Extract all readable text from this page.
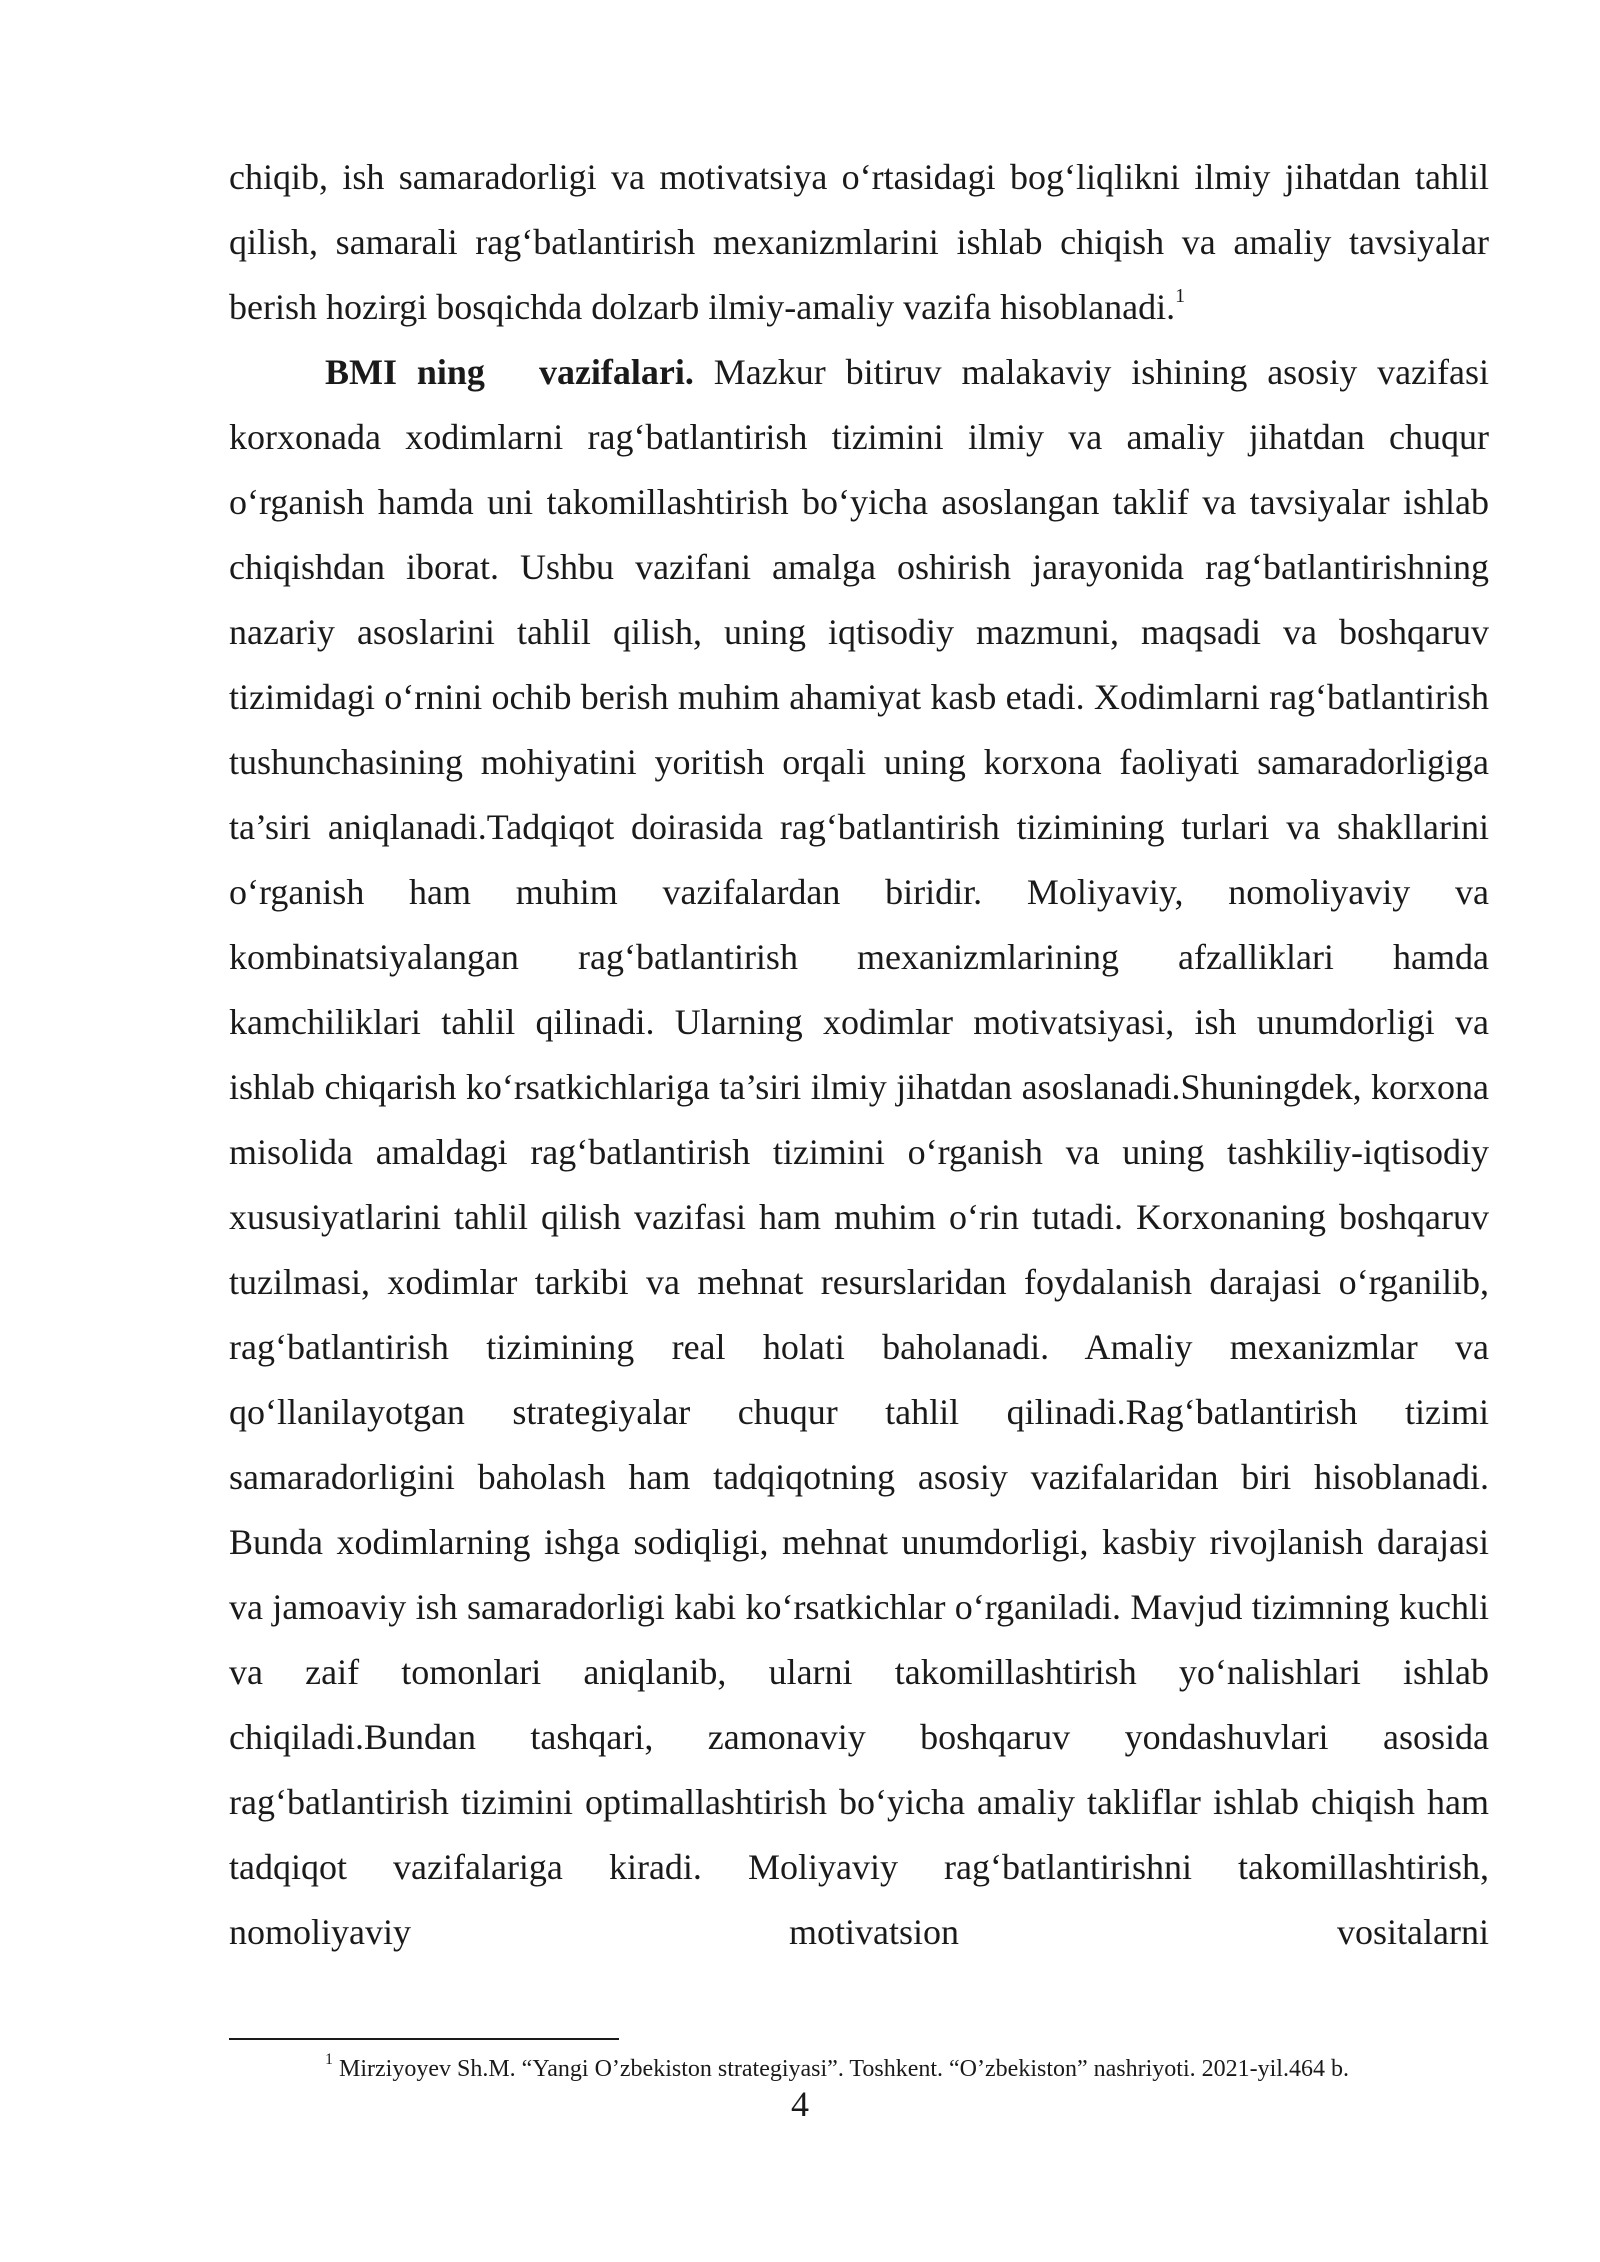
chiqib, ish samaradorligi va motivatsiya o‘rtasidagi bog‘liqlikni ilmiy jihatdan tahlil qilish, samarali rag‘batlantirish mexanizmlarini ishlab chiqish va amaliy tavsiyalar berish hozirgi bosqichda dolzarb ilmiy-amaliy vazifa hisoblanadi.$^1$

BMI ning vazifalari. Mazkur bitiruv malakaviy ishining asosiy vazifasi korxonada xodimlarni rag‘batlantirish tizimini ilmiy va amaliy jihatdan chuqur o‘rganish hamda uni takomillashtirish bo‘yicha asoslangan taklif va tavsiyalar ishlab chiqishdan iborat. Ushbu vazifani amalga oshirish jarayonida rag‘batlantirishning nazariy asoslarini tahlil qilish, uning iqtisodiy mazmuni, maqsadi va boshqaruv tizimidagi o‘rnini ochib berish muhim ahamiyat kasb etadi. Xodimlarni rag‘batlantirish tushunchasining mohiyatini yoritish orqali uning korxona faoliyati samaradorligiga ta’siri aniqlanadi.Tadqiqot doirasida rag‘batlantirish tizimining turlari va shakllarini o‘rganish ham muhim vazifalardan biridir. Moliyaviy, nomoliyaviy va kombinatsiyalangan rag‘batlantirish mexanizmlarining afzalliklari hamda kamchiliklari tahlil qilinadi. Ularning xodimlar motivatsiyasi, ish unumdorligi va ishlab chiqarish ko‘rsatkichlariga ta’siri ilmiy jihatdan asoslanadi.Shuningdek, korxona misolida amaldagi rag‘batlantirish tizimini o‘rganish va uning tashkiliy-iqtisodiy xususiyatlarini tahlil qilish vazifasi ham muhim o‘rin tutadi. Korxonaning boshqaruv tuzilmasi, xodimlar tarkibi va mehnat resurslaridan foydalanish darajasi o‘rganilib, rag‘batlantirish tizimining real holati baholanadi. Amaliy mexanizmlar va qo‘llanilayotgan strategiyalar chuqur tahlil qilinadi.Rag‘batlantirish tizimi samaradorligini baholash ham tadqiqotning asosiy vazifalaridan biri hisoblanadi. Bunda xodimlarning ishga sodiqligi, mehnat unumdorligi, kasbiy rivojlanish darajasi va jamoaviy ish samaradorligi kabi ko‘rsatkichlar o‘rganiladi. Mavjud tizimning kuchli va zaif tomonlari aniqlanib, ularni takomillashtirish yo‘nalishlari ishlab chiqiladi.Bundan tashqari, zamonaviy boshqaruv yondashuvlari asosida rag‘batlantirish tizimini optimallashtirish bo‘yicha amaliy takliflar ishlab chiqish ham tadqiqot vazifalariga kiradi. Moliyaviy rag‘batlantirishni takomillashtirish, nomoliyaviy motivatsion vositalarni

$^1$ Mirziyoyev Sh.M. “Yangi O’zbekiston strategiyasi”. Toshkent. “O’zbekiston” nashriyoti. 2021-yil.464 b.

4
